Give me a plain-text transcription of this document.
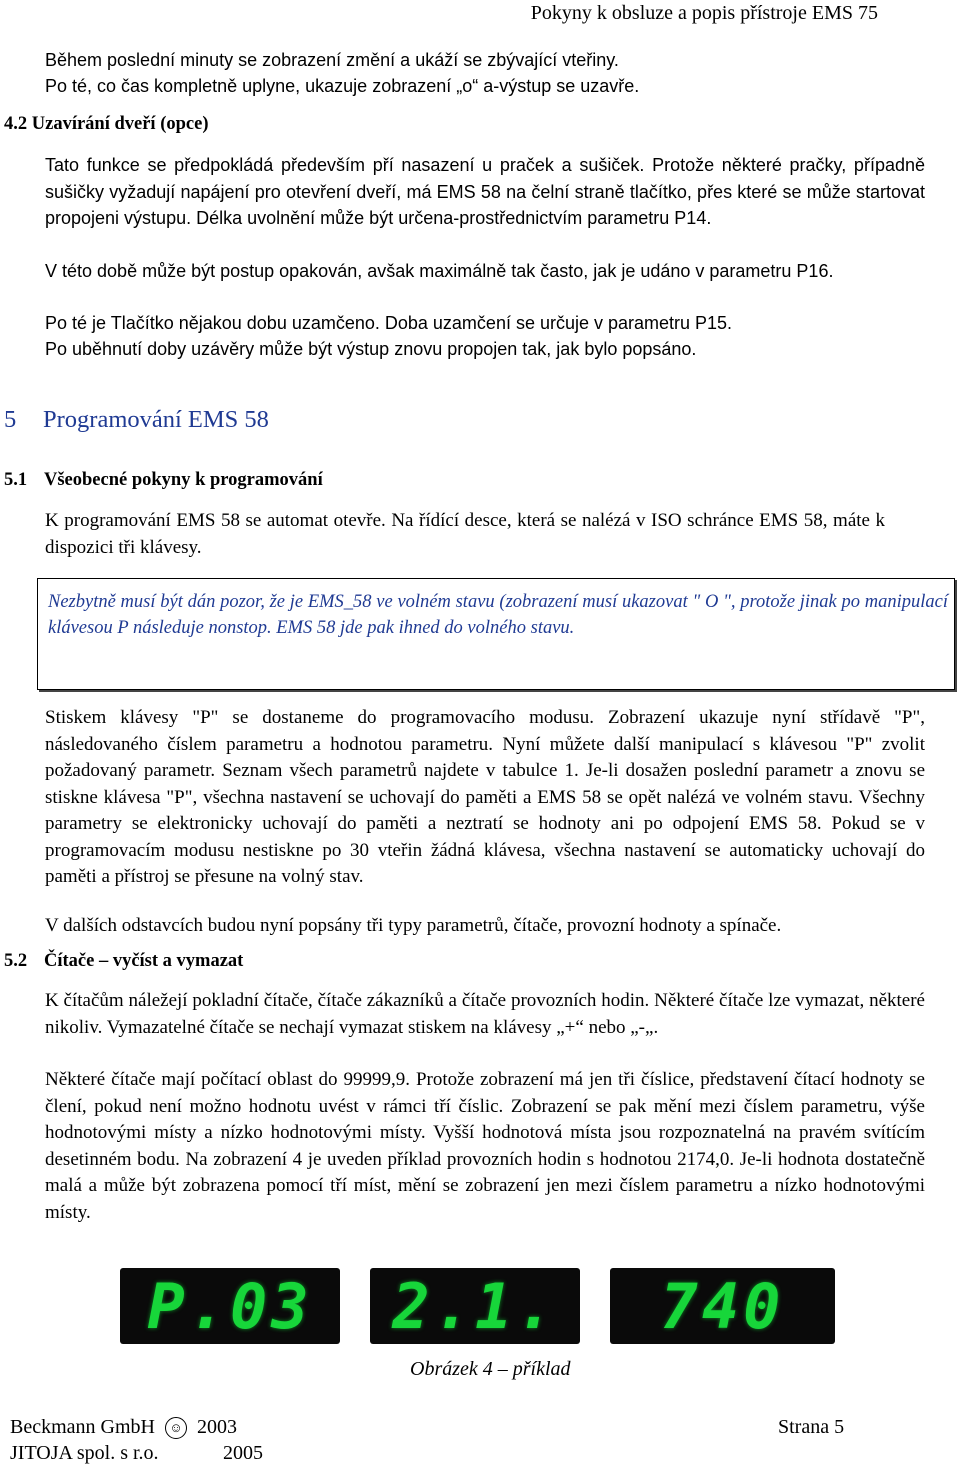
Pokyny k obsluze a popis přístroje EMS 75
Během poslední minuty se zobrazení změní a ukáží se zbývající vteřiny.
Po té, co čas kompletně uplyne, ukazuje zobrazení „o“ a-výstup se uzavře.
4.2 Uzavírání dveří (opce)
Tato funkce se předpokládá především pří nasazení u praček a sušiček. Protože některé pračky, případně sušičky vyžadují napájení pro otevření dveří, má EMS 58 na čelní straně tlačítko, přes které se může startovat propojeni výstupu. Délka uvolnění může být určena-prostřednictvím parametru P14.
V této době může být postup opakován, avšak maximálně tak často, jak je udáno v parametru P16.
Po té je Tlačítko nějakou dobu uzamčeno. Doba uzamčení se určuje v parametru P15.
Po uběhnutí doby uzávěry může být výstup znovu propojen tak, jak bylo popsáno.
5 Programování EMS 58
5.1 Všeobecné pokyny k programování
K programování EMS 58 se automat otevře. Na řídící desce, která se nalézá v ISO schránce EMS 58, máte k dispozici tři klávesy.
Nezbytně musí být dán pozor, že je EMS_58 ve volném stavu (zobrazení musí ukazovat " O ", protože jinak po manipulací klávesou P následuje nonstop. EMS 58 jde pak ihned do volného stavu.
Stiskem klávesy "P" se dostaneme do programovacího modusu. Zobrazení ukazuje nyní střídavě "P", následovaného číslem parametru a hodnotou parametru. Nyní můžete další manipulací s klávesou "P" zvolit požadovaný parametr. Seznam všech parametrů najdete v tabulce 1. Je-li dosažen poslední parametr a znovu se stiskne klávesa "P", všechna nastavení se uchovají do paměti a EMS 58 se opět nalézá ve volném stavu. Všechny parametry se elektronicky uchovají do paměti a neztratí se hodnoty ani po odpojení EMS 58. Pokud se v programovacím modusu nestiskne po 30 vteřin žádná klávesa, všechna nastavení se automaticky uchovají do paměti a přístroj se přesune na volný stav.
V dalších odstavcích budou nyní popsány tři typy parametrů, čítače, provozní hodnoty a spínače.
5.2 Čítače – vyčíst a vymazat
K čítačům náležejí pokladní čítače, čítače zákazníků a čítače provozních hodin. Některé čítače lze vymazat, některé nikoliv. Vymazatelné čítače se nechají vymazat stiskem na klávesy „+“ nebo „-„.
Některé čítače mají počítací oblast do 99999,9. Protože zobrazení má jen tři číslice, představení čítací hodnoty se člení, pokud není možno hodnotu uvést v rámci tří číslic. Zobrazení se pak mění mezi číslem parametru, výše hodnotovými místy a nízko hodnotovými místy. Vyšší hodnotová místa jsou rozpoznatelná na pravém svítícím desetinném bodu. Na zobrazení 4 je uveden příklad provozních hodin s hodnotou 2174,0. Je-li hodnota dostatečně malá a může být zobrazena pomocí tří míst, mění se zobrazení jen mezi číslem parametru a nízko hodnotovými místy.
P.03 2.1. 740
Obrázek 4 – příklad
Beckmann GmbH ☺ 2003	Strana 5
JITOJA spol. s r.o.	2005
